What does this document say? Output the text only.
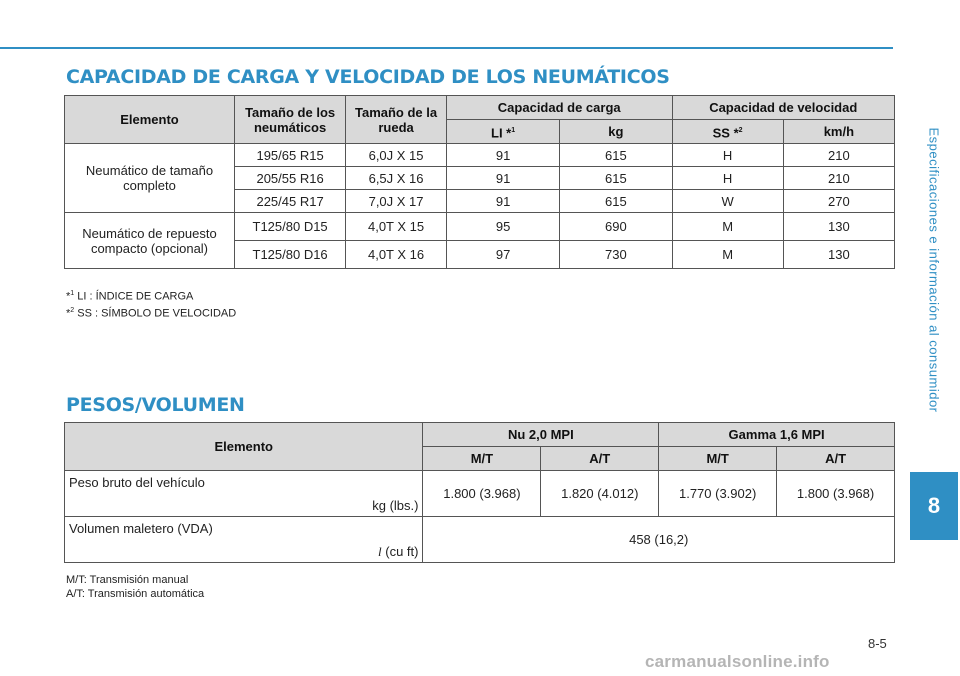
CAPACIDAD DE CARGA Y VELOCIDAD DE LOS NEUMÁTICOS
Elemento	Tamaño de los neumáticos	Tamaño de la rueda	Capacidad de carga		Capacidad de velocidad	
			LI *$^1$	kg	SS *$^2$	km/h
Neumático de tamaño completo	195/65 R15	6,0J X 15	91	615	H	210
	205/55 R16	6,5J X 16	91	615	H	210
	225/45 R17	7,0J X 17	91	615	W	270
Neumático de repuesto compacto (opcional)	T125/80 D15	4,0T X 15	95	690	M	130
	T125/80 D16	4,0T X 16	97	730	M	130
*$^1$ LI : ÍNDICE DE CARGA
*$^2$ SS : SÍMBOLO DE VELOCIDAD
PESOS/VOLUMEN
Elemento	Nu 2,0 MPI		Gamma 1,6 MPI	
	M/T	A/T	M/T	A/T
Peso bruto del vehículo
kg (lbs.)	1.800 (3.968)	1.820 (4.012)	1.770 (3.902)	1.800 (3.968)
Volumen maletero (VDA)
l (cu ft)	458 (16,2)			
M/T: Transmisión manual
A/T: Transmisión automática
Especificaciones e información al consumidor
8
8-5
carmanualsonline.info
